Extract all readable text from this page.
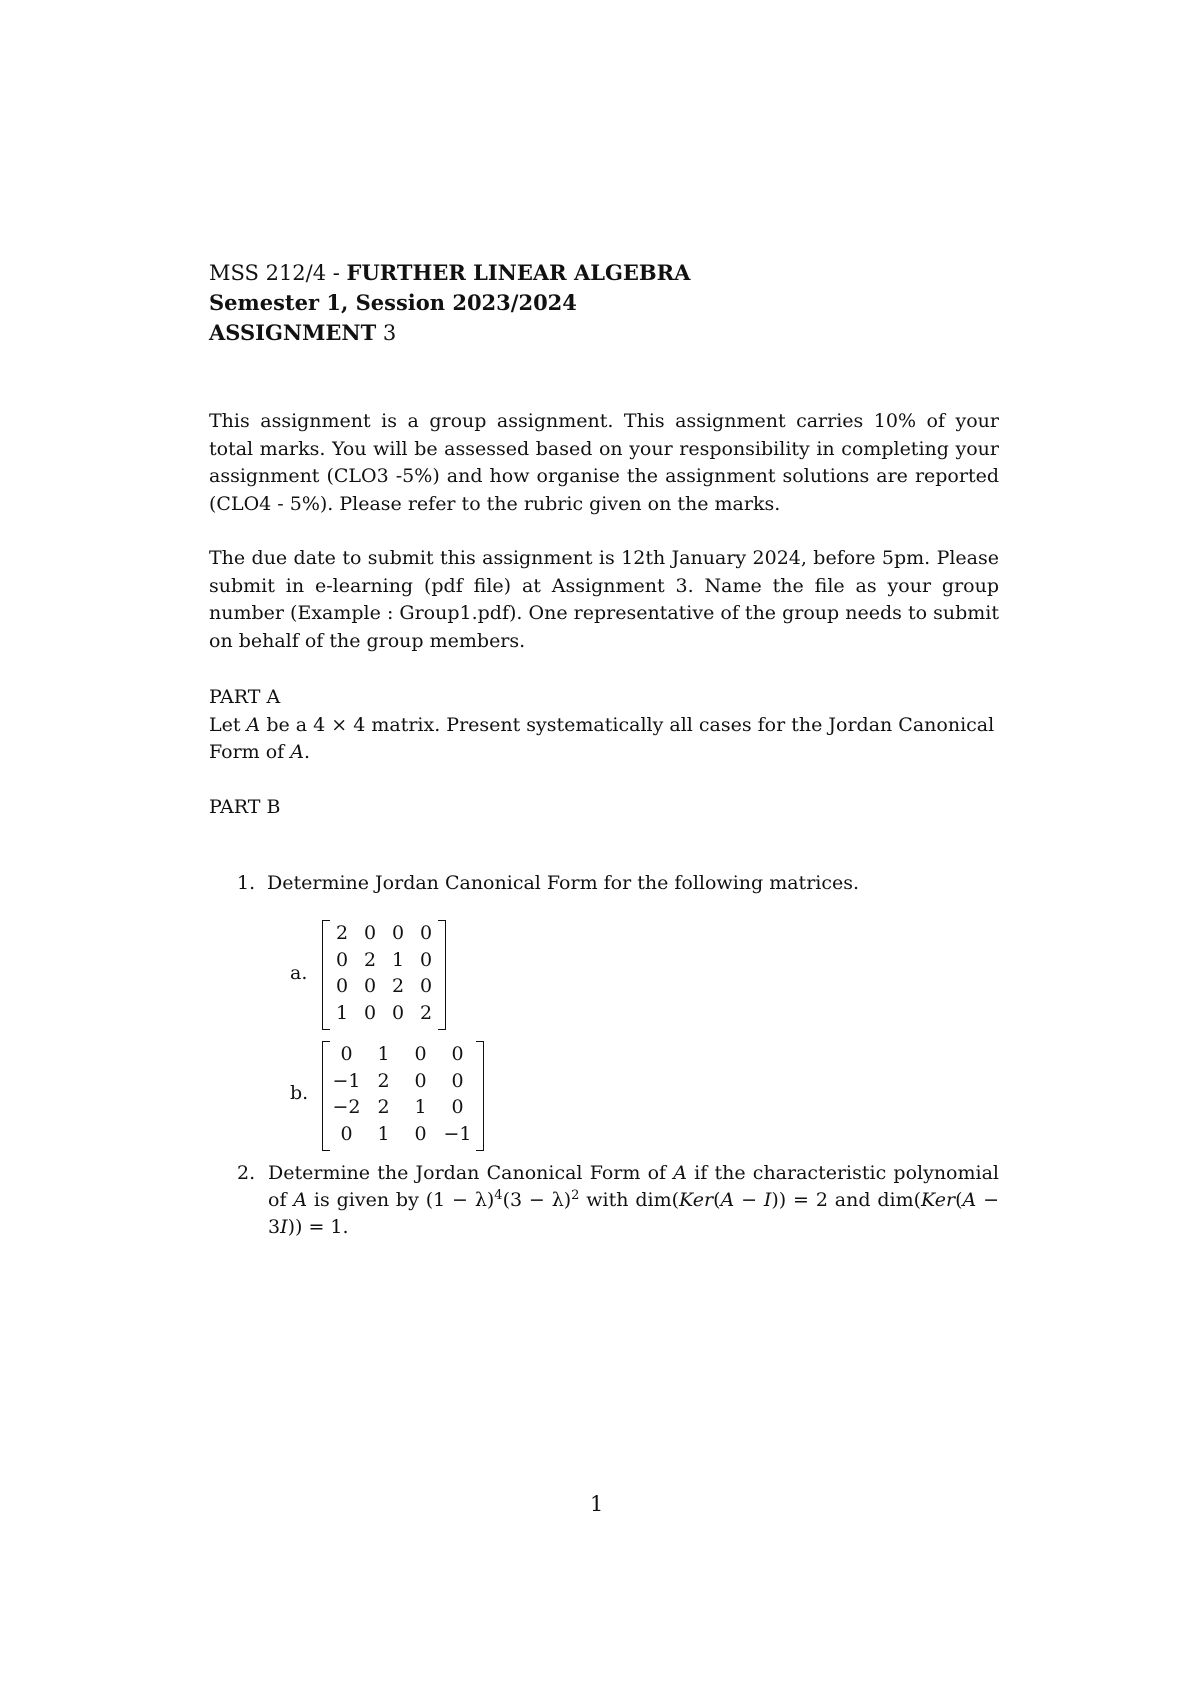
MSS 212/4 - FURTHER LINEAR ALGEBRA
Semester 1, Session 2023/2024
ASSIGNMENT 3
This assignment is a group assignment. This assignment carries 10% of your total marks. You will be assessed based on your responsibility in completing your assignment (CLO3 -5%) and how organise the assignment solutions are reported (CLO4 - 5%). Please refer to the rubric given on the marks.
The due date to submit this assignment is 12th January 2024, before 5pm. Please submit in e-learning (pdf file) at Assignment 3. Name the file as your group number (Example : Group1.pdf). One representative of the group needs to submit on behalf of the group members.
PART A
Let A be a 4 × 4 matrix. Present systematically all cases for the Jordan Canonical Form of A.
PART B
1. Determine Jordan Canonical Form for the following matrices.
a.
2 0 0 0
0 2 1 0
0 0 2 0
1 0 0 2
b.
0	1	0	0
−1 2	0	0
−2 2	1	0
0	1	0 −1
2. Determine the Jordan Canonical Form of A if the characteristic polynomial of A is given by $(1 - \lambda)^4(3 - \lambda)^2$ with dim(Ker(A − I)) = 2 and dim(Ker(A − 3I)) = 1.
1
